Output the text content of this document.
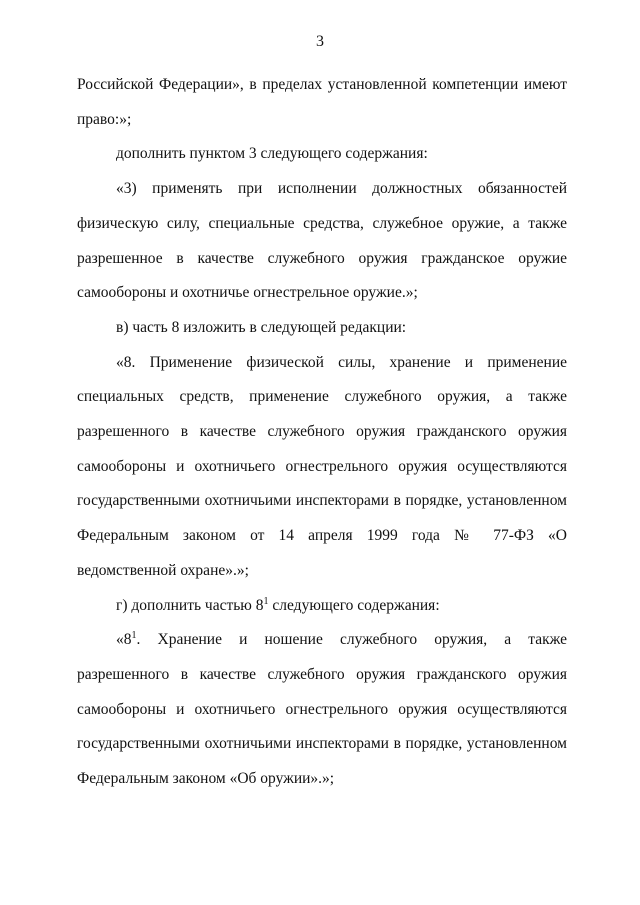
3

Российской Федерации», в пределах установленной компетенции имеют право:»;

дополнить пунктом 3 следующего содержания:

«3) применять при исполнении должностных обязанностей физическую силу, специальные средства, служебное оружие, а также разрешенное в качестве служебного оружия гражданское оружие самообороны и охотничье огнестрельное оружие.»;

в) часть 8 изложить в следующей редакции:

«8. Применение физической силы, хранение и применение специальных средств, применение служебного оружия, а также разрешенного в качестве служебного оружия гражданского оружия самообороны и охотничьего огнестрельного оружия осуществляются государственными охотничьими инспекторами в порядке, установленном Федеральным законом от 14 апреля 1999 года № 77-ФЗ «О ведомственной охране».»;

г) дополнить частью $8^1$ следующего содержания:

«$8^1$. Хранение и ношение служебного оружия, а также разрешенного в качестве служебного оружия гражданского оружия самообороны и охотничьего огнестрельного оружия осуществляются государственными охотничьими инспекторами в порядке, установленном Федеральным законом «Об оружии».»;
